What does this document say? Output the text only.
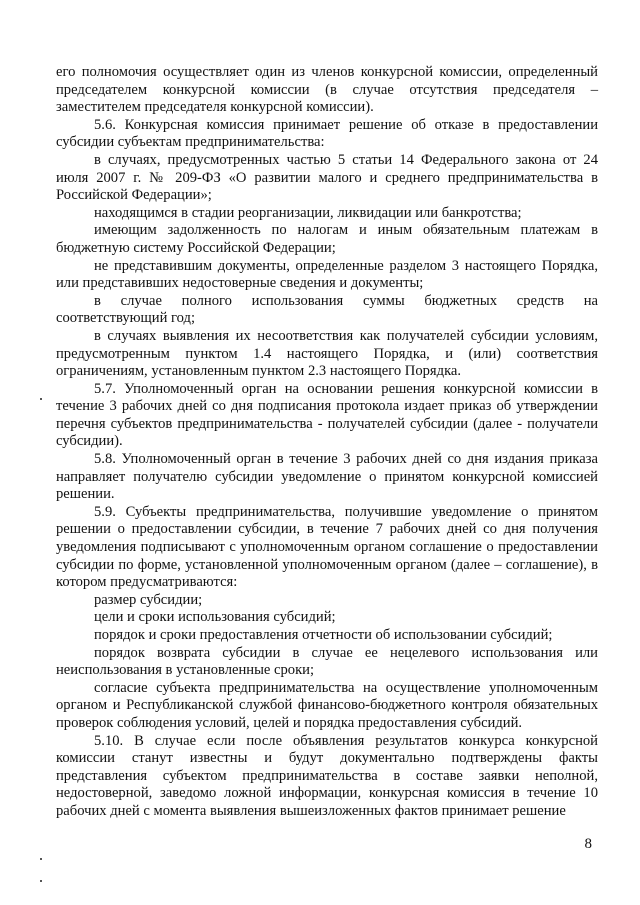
его полномочия осуществляет один из членов конкурсной комиссии, определенный председателем конкурсной комиссии (в случае отсутствия председателя – заместителем председателя конкурсной комиссии).

5.6. Конкурсная комиссия принимает решение об отказе в предоставлении субсидии субъектам предпринимательства:

в случаях, предусмотренных частью 5 статьи 14 Федерального закона от 24 июля 2007 г. № 209-ФЗ «О развитии малого и среднего предпринимательства в Российской Федерации»;

находящимся в стадии реорганизации, ликвидации или банкротства;

имеющим задолженность по налогам и иным обязательным платежам в бюджетную систему Российской Федерации;

не представившим документы, определенные разделом 3 настоящего Порядка, или представивших недостоверные сведения и документы;

в случае полного использования суммы бюджетных средств на соответствующий год;

в случаях выявления их несоответствия как получателей субсидии условиям, предусмотренным пунктом 1.4 настоящего Порядка, и (или) соответствия ограничениям, установленным пунктом 2.3 настоящего Порядка.

5.7. Уполномоченный орган на основании решения конкурсной комиссии в течение 3 рабочих дней со дня подписания протокола издает приказ об утверждении перечня субъектов предпринимательства - получателей субсидии (далее - получатели субсидии).

5.8. Уполномоченный орган в течение 3 рабочих дней со дня издания приказа направляет получателю субсидии уведомление о принятом конкурсной комиссией решении.

5.9. Субъекты предпринимательства, получившие уведомление о принятом решении о предоставлении субсидии, в течение 7 рабочих дней со дня получения уведомления подписывают с уполномоченным органом соглашение о предоставлении субсидии по форме, установленной уполномоченным органом (далее – соглашение), в котором предусматриваются:

размер субсидии;

цели и сроки использования субсидий;

порядок и сроки предоставления отчетности об использовании субсидий;

порядок возврата субсидии в случае ее нецелевого использования или неиспользования в установленные сроки;

согласие субъекта предпринимательства на осуществление уполномоченным органом и Республиканской службой финансово-бюджетного контроля обязательных проверок соблюдения условий, целей и порядка предоставления субсидий.

5.10. В случае если после объявления результатов конкурса конкурсной комиссии станут известны и будут документально подтверждены факты представления субъектом предпринимательства в составе заявки неполной, недостоверной, заведомо ложной информации, конкурсная комиссия в течение 10 рабочих дней с момента выявления вышеизложенных фактов принимает решение

8
